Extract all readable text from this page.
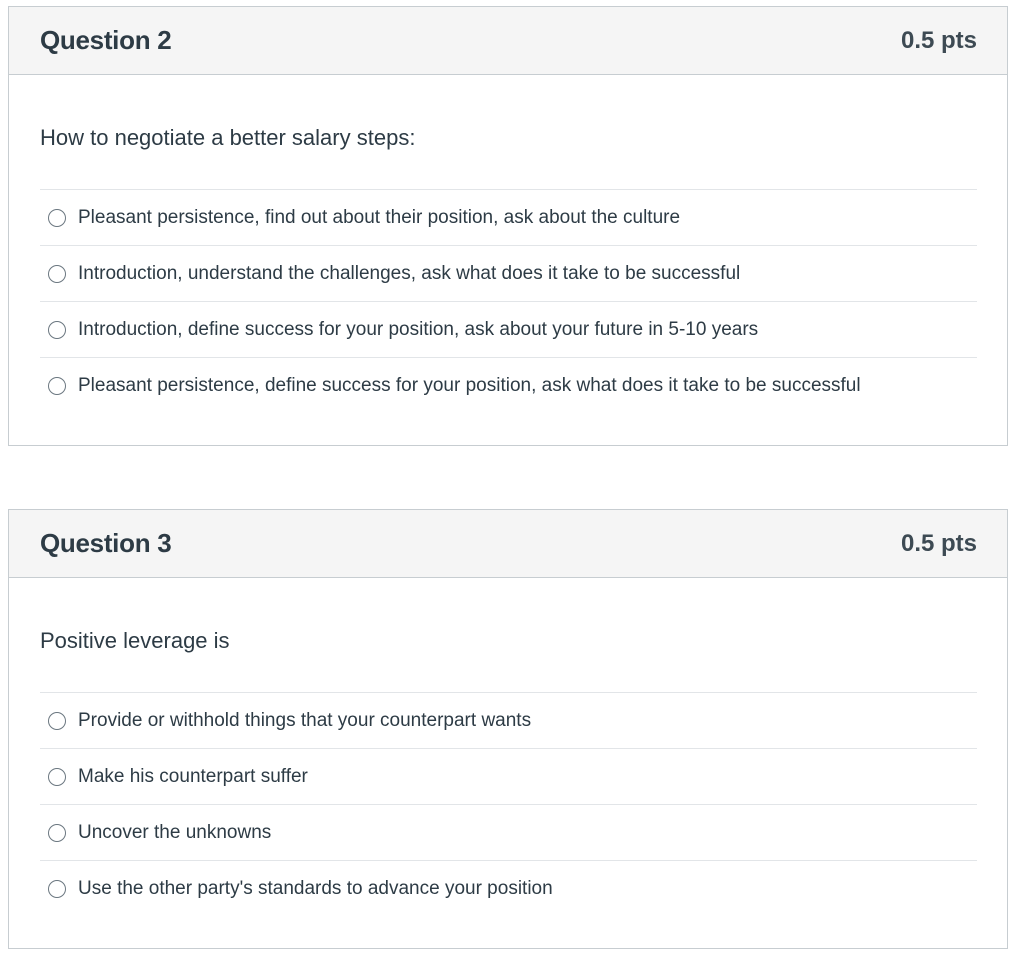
Question 2	0.5 pts

How to negotiate a better salary steps:

Pleasant persistence, find out about their position, ask about the culture
Introduction, understand the challenges, ask what does it take to be successful
Introduction, define success for your position, ask about your future in 5-10 years
Pleasant persistence, define success for your position, ask what does it take to be successful
Question 3	0.5 pts

Positive leverage is

Provide or withhold things that your counterpart wants
Make his counterpart suffer
Uncover the unknowns
Use the other party's standards to advance your position
